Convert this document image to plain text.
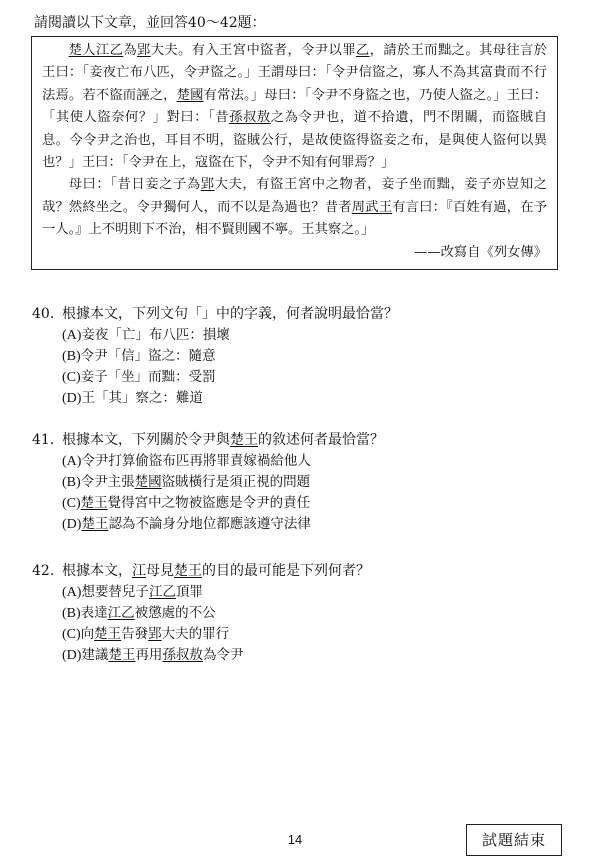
請閱讀以下文章，並回答40～42題：

楚人江乙為郢大夫。有入王宮中盜者，令尹以罪乙，請於王而黜之。其母往言於王曰：「妾夜亡布八匹，令尹盜之。」王謂母曰：「令尹信盜之，寡人不為其富貴而不行法焉。若不盜而誣之，楚國有常法。」母曰：「令尹不身盜之也，乃使人盜之。」王曰：「其使人盜奈何？」對曰：「昔孫叔敖之為令尹也，道不拾遺，門不閉關，而盜賊自息。今令尹之治也，耳目不明，盜賊公行，是故使盜得盜妾之布，是與使人盜何以異也？」王曰：「令尹在上，寇盜在下，令尹不知有何罪焉？」

母曰：「昔日妾之子為郢大夫，有盜王宮中之物者，妾子坐而黜，妾子亦豈知之哉？然終坐之。令尹獨何人，而不以是為過也？昔者周武王有言曰：『百姓有過，在予一人。』上不明則下不治，相不賢則國不寧。王其察之。」

——改寫自《列女傳》
40. 根據本文，下列文句「」中的字義，何者說明最恰當？
(A)妾夜「亡」布八匹：損壞
(B)令尹「信」盜之：隨意
(C)妾子「坐」而黜：受罰
(D)王「其」察之：難道
41. 根據本文，下列關於令尹與楚王的敘述何者最恰當？
(A)令尹打算偷盜布匹再將罪責嫁禍給他人
(B)令尹主張楚國盜賊橫行是須正視的問題
(C)楚王覺得宮中之物被盜應是令尹的責任
(D)楚王認為不論身分地位都應該遵守法律
42. 根據本文，江母見楚王的目的最可能是下列何者？
(A)想要替兒子江乙頂罪
(B)表達江乙被懲處的不公
(C)向楚王告發郢大夫的罪行
(D)建議楚王再用孫叔敖為令尹
14	試題結束
